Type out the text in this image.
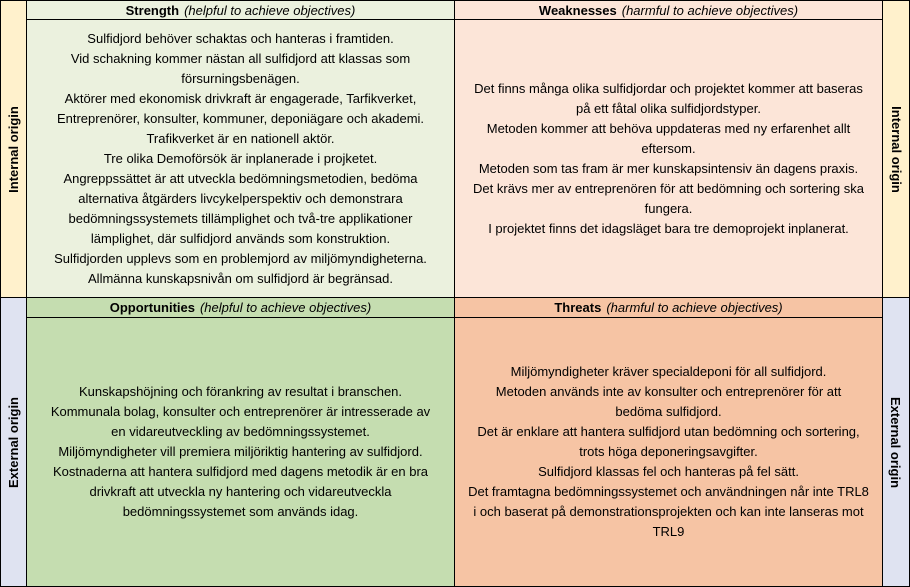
Internal origin
External origin
Internal origin
External origin
Strength (helpful to achieve objectives)
Sulfidjord behöver schaktas och hanteras i framtiden.
Vid schakning kommer nästan all sulfidjord att klassas som
försurningsbenägen.
Aktörer med ekonomisk drivkraft är engagerade, Tarfikverket,
Entreprenörer, konsulter, kommuner, deponiägare och akademi.
Trafikverket är en nationell aktör.
Tre olika Demoförsök är inplanerade i projketet.
Angreppssättet är att utveckla bedömningsmetodien, bedöma
alternativa åtgärders livcykelperspektiv och demonstrara
bedömningssystemets tillämplighet och två-tre applikationer
lämplighet, där sulfidjord används som konstruktion.
Sulfidjorden upplevs som en problemjord av miljömyndigheterna.
Allmänna kunskapsnivån om sulfidjord är begränsad.
Weaknesses (harmful to achieve objectives)
Det finns många olika sulfidjordar och projektet kommer att baseras
på ett fåtal olika sulfidjordstyper.
Metoden kommer att behöva uppdateras med ny erfarenhet allt
eftersom.
Metoden som tas fram är mer kunskapsintensiv än dagens praxis.
Det krävs mer av entreprenören för att bedömning och sortering ska
fungera.
I projektet finns det idagsläget bara tre demoprojekt inplanerat.
Opportunities (helpful to achieve objectives)
Kunskapshöjning och förankring av resultat i branschen.
Kommunala bolag, konsulter och entreprenörer är intresserade av
en vidareutveckling av bedömningssystemet.
Miljömyndigheter vill premiera miljöriktig hantering av sulfidjord.
Kostnaderna att hantera sulfidjord med dagens metodik är en bra
drivkraft att utveckla ny hantering och vidareutveckla
bedömningssystemet som används idag.
Threats (harmful to achieve objectives)
Miljömyndigheter kräver specialdeponi för all sulfidjord.
Metoden används inte av konsulter och entreprenörer för att
bedöma sulfidjord.
Det är enklare att hantera sulfidjord utan bedömning och sortering,
trots höga deponeringsavgifter.
Sulfidjord klassas fel och hanteras på fel sätt.
Det framtagna bedömningssystemet och användningen når inte TRL8
i och baserat på demonstrationsprojekten och kan inte lanseras mot
TRL9
